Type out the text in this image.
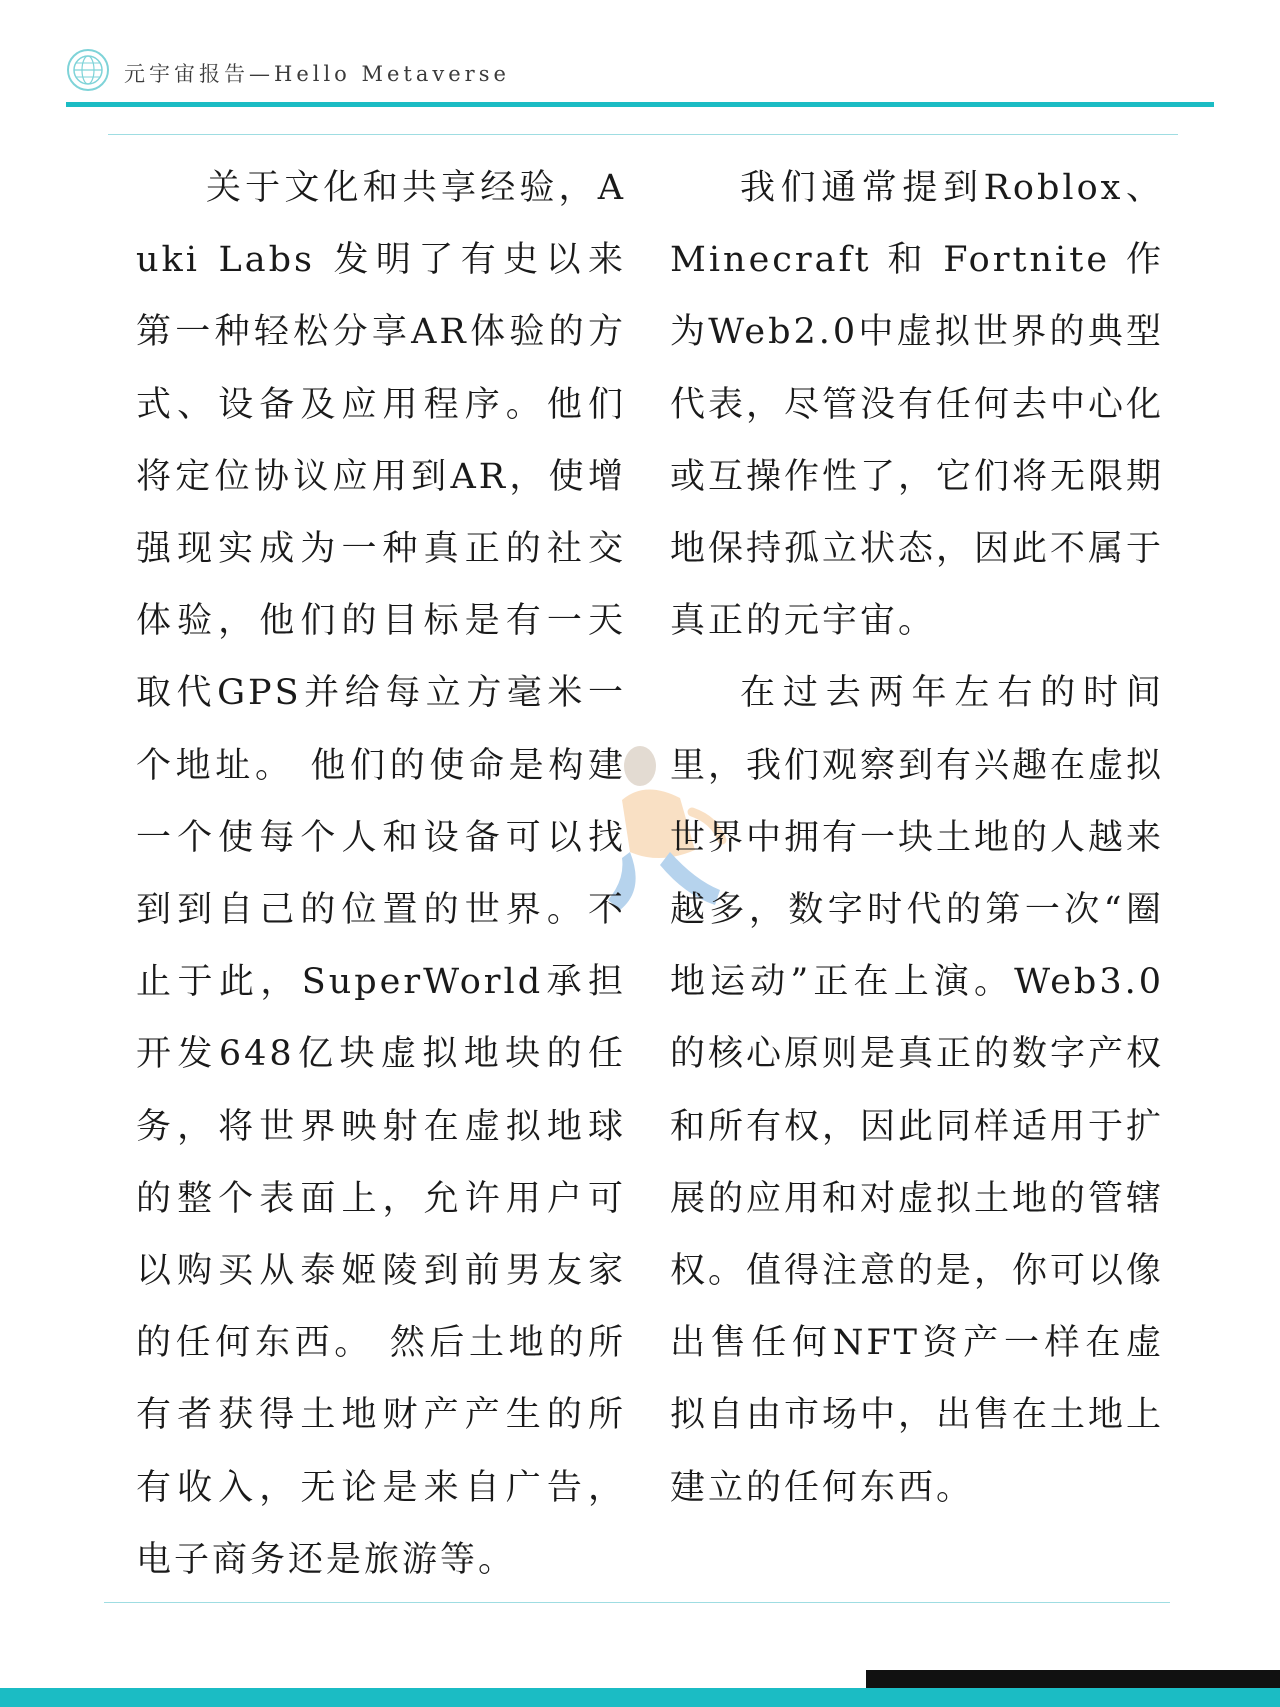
元宇宙报告—Hello Metaverse

关于文化和共享经验，Auki Labs 发明了有史以来第一种轻松分享AR体验的方式、设备及应用程序。他们将定位协议应用到AR，使增强现实成为一种真正的社交体验，他们的目标是有一天取代GPS并给每立方毫米一个地址。 他们的使命是构建一个使每个人和设备可以找到到自己的位置的世界。不止于此，SuperWorld承担开发648亿块虚拟地块的任务，将世界映射在虚拟地球的整个表面上，允许用户可以购买从泰姬陵到前男友家的任何东西。 然后土地的所有者获得土地财产产生的所有收入，无论是来自广告，电子商务还是旅游等。

我们通常提到Roblox、Minecraft 和 Fortnite 作 为Web2.0中虚拟世界的典型代表，尽管没有任何去中心化或互操作性了，它们将无限期地保持孤立状态，因此不属于真正的元宇宙。

在过去两年左右的时间里，我们观察到有兴趣在虚拟世界中拥有一块土地的人越来越多，数字时代的第一次“圈地运动”正在上演。Web3.0的核心原则是真正的数字产权和所有权，因此同样适用于扩展的应用和对虚拟土地的管辖权。值得注意的是，你可以像出售任何NFT资产一样在虚拟自由市场中，出售在土地上建立的任何东西。
